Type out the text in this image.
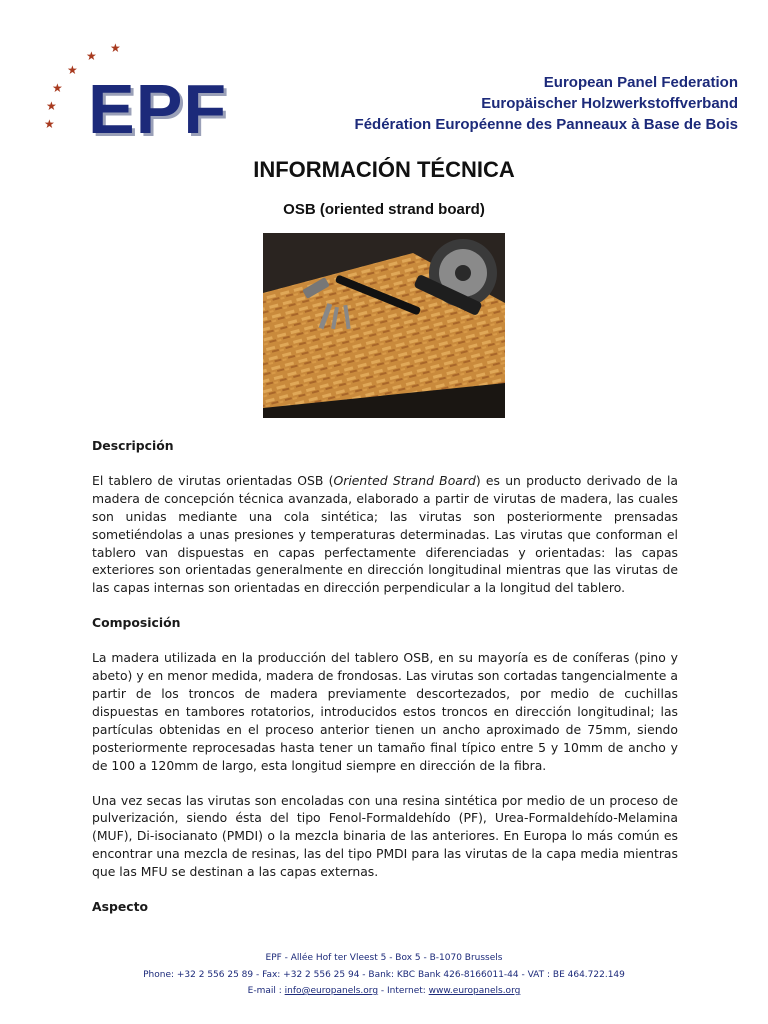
★
★
★
★
★
★ EPF	European Panel Federation
Europäischer Holzwerkstoffverband
Fédération Européenne des Panneaux à Base de Bois
INFORMACIÓN TÉCNICA
OSB (oriented strand board)
Descripción

El tablero de virutas orientadas OSB (Oriented Strand Board) es un producto derivado de la madera de concepción técnica avanzada, elaborado a partir de virutas de madera, las cuales son unidas mediante una cola sintética; las virutas son posteriormente prensadas sometiéndolas a unas presiones y temperaturas determinadas. Las virutas que conforman el tablero van dispuestas en capas perfectamente diferenciadas y orientadas: las capas exteriores son orientadas generalmente en dirección longitudinal mientras que las virutas de las capas internas son orientadas en dirección perpendicular a la longitud del tablero.

Composición

La madera utilizada en la producción del tablero OSB, en su mayoría es de coníferas (pino y abeto) y en menor medida, madera de frondosas. Las virutas son cortadas tangencialmente a partir de los troncos de madera previamente descortezados, por medio de cuchillas dispuestas en tambores rotatorios, introducidos estos troncos en dirección longitudinal; las partículas obtenidas en el proceso anterior tienen un ancho aproximado de 75mm, siendo posteriormente reprocesadas hasta tener un tamaño final típico entre 5 y 10mm de ancho y de 100 a 120mm de largo, esta longitud siempre en dirección de la fibra.

Una vez secas las virutas son encoladas con una resina sintética por medio de un proceso de pulverización, siendo ésta del tipo Fenol-Formaldehído (PF), Urea-Formaldehído-Melamina (MUF), Di-isocianato (PMDI) o la mezcla binaria de las anteriores. En Europa lo más común es encontrar una mezcla de resinas, las del tipo PMDI para las virutas de la capa media mientras que las MFU se destinan a las capas externas.

Aspecto
EPF - Allée Hof ter Vleest 5 - Box 5 - B-1070 Brussels
Phone: +32 2 556 25 89 - Fax: +32 2 556 25 94 - Bank: KBC Bank 426-8166011-44 - VAT : BE 464.722.149
E-mail : info@europanels.org - Internet: www.europanels.org
